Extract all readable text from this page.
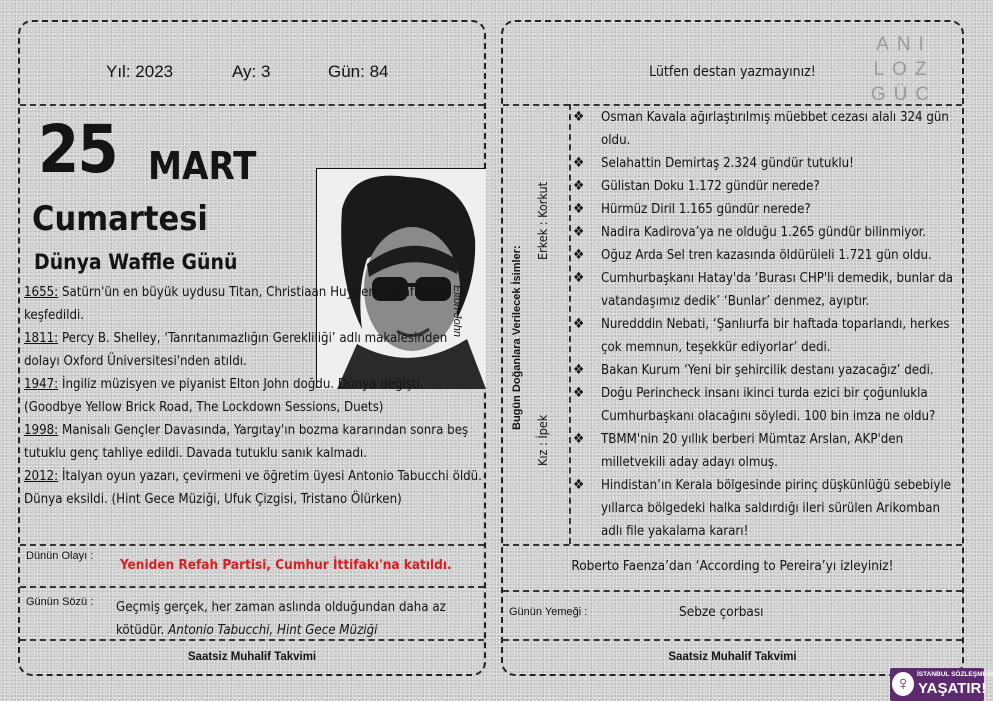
Yıl: 2023	Ay: 3	Gün: 84
25 MART
Cumartesi
Dünya Waffle Günü
Elton John
1655: Satürn'ün en büyük uydusu Titan, Christiaan Huygens tarafından keşfedildi.
1811: Percy B. Shelley, ‘Tanrıtanımazlığın Gerekliliği’ adlı makalesinden dolayı Oxford Üniversitesi'nden atıldı.
1947: İngiliz müzisyen ve piyanist Elton John doğdu. Dünya değişti. (Goodbye Yellow Brick Road, The Lockdown Sessions, Duets)
1998: Manisalı Gençler Davasında, Yargıtay'ın bozma kararından sonra beş tutuklu genç tahliye edildi. Davada tutuklu sanık kalmadı.
2012: İtalyan oyun yazarı, çevirmeni ve öğretim üyesi Antonio Tabucchi öldü. Dünya eksildi. (Hint Gece Müziği, Ufuk Çizgisi, Tristano Ölürken)
Dünün Olayı :
Yeniden Refah Partisi, Cumhur İttifakı'na katıldı.
Günün Sözü : Geçmiş gerçek, her zaman aslında olduğundan daha az kötüdür. Antonio Tabucchi, Hint Gece Müziği
Saatsiz Muhalif Takvimi
Lütfen destan yazmayınız!
Bugün Doğanlara Verilecek İsimler:
Erkek : Korkut
Kız : İpek
❖ Osman Kavala ağırlaştırılmış müebbet cezası alalı 324 gün oldu.
❖ Selahattin Demirtaş 2.324 gündür tutuklu!
❖ Gülistan Doku 1.172 gündür nerede?
❖ Hürmüz Diril 1.165 gündür nerede?
❖ Nadira Kadirova’ya ne olduğu 1.265 gündür bilinmiyor.
❖ Oğuz Arda Sel tren kazasında öldürüleli 1.721 gün oldu.
❖ Cumhurbaşkanı Hatay'da ‘Burası CHP'li demedik, bunlar da vatandaşımız dedik’ ‘Bunlar’ denmez, ayıptır.
❖ Nuredddin Nebati, ‘Şanlıurfa bir haftada toparlandı, herkes çok memnun, teşekkür ediyorlar’ dedi.
❖ Bakan Kurum ‘Yeni bir şehircilik destanı yazacağız’ dedi.
❖ Doğu Perincheck insanı ikinci turda ezici bir çoğunlukla Cumhurbaşkanı olacağını söyledi. 100 bin imza ne oldu?
❖ TBMM'nin 20 yıllık berberi Mümtaz Arslan, AKP'den milletvekili aday adayı olmuş.
❖ Hindistan’ın Kerala bölgesinde pirinç düşkünlüğü sebebiyle yıllarca bölgedeki halka saldırdığı ileri sürülen Arikomban adlı file yakalama kararı!
Roberto Faenza’dan ‘According to Pereira’yı izleyiniz!
Günün Yemeği :	Sebze çorbası
Saatsiz Muhalif Takvimi
ANI
LOZ
GÜC
♀	İSTANBUL SÖZLEŞMESİ
YAŞATIR!
